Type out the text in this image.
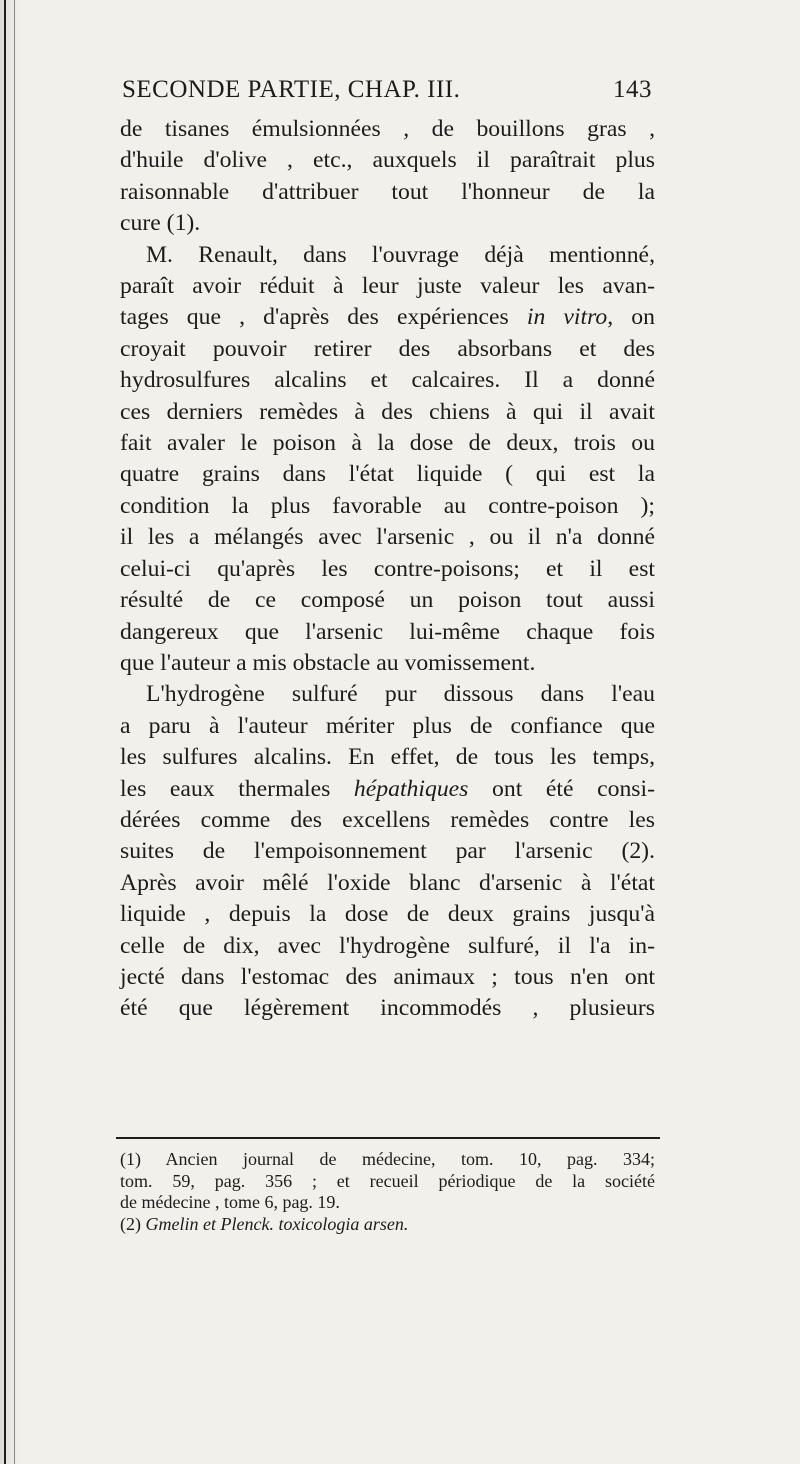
SECONDE PARTIE, CHAP. III.	143

de tisanes émulsionnées , de bouillons gras ,
d'huile d'olive , etc., auxquels il paraîtrait plus
raisonnable d'attribuer tout l'honneur de la
cure (1).

M. Renault, dans l'ouvrage déjà mentionné,
paraît avoir réduit à leur juste valeur les avan-
tages que , d'après des expériences in vitro, on
croyait pouvoir retirer des absorbans et des
hydrosulfures alcalins et calcaires. Il a donné
ces derniers remèdes à des chiens à qui il avait
fait avaler le poison à la dose de deux, trois ou
quatre grains dans l'état liquide ( qui est la
condition la plus favorable au contre-poison );
il les a mélangés avec l'arsenic , ou il n'a donné
celui-ci qu'après les contre-poisons; et il est
résulté de ce composé un poison tout aussi
dangereux que l'arsenic lui-même chaque fois
que l'auteur a mis obstacle au vomissement.

L'hydrogène sulfuré pur dissous dans l'eau
a paru à l'auteur mériter plus de confiance que
les sulfures alcalins. En effet, de tous les temps,
les eaux thermales hépathiques ont été consi-
dérées comme des excellens remèdes contre les
suites de l'empoisonnement par l'arsenic (2).
Après avoir mêlé l'oxide blanc d'arsenic à l'état
liquide , depuis la dose de deux grains jusqu'à
celle de dix, avec l'hydrogène sulfuré, il l'a in-
jecté dans l'estomac des animaux ; tous n'en ont
été que légèrement incommodés , plusieurs

(1) Ancien journal de médecine, tom. 10, pag. 334;
tom. 59, pag. 356 ; et recueil périodique de la société
de médecine , tome 6, pag. 19.
(2) Gmelin et Plenck. toxicologia arsen.
